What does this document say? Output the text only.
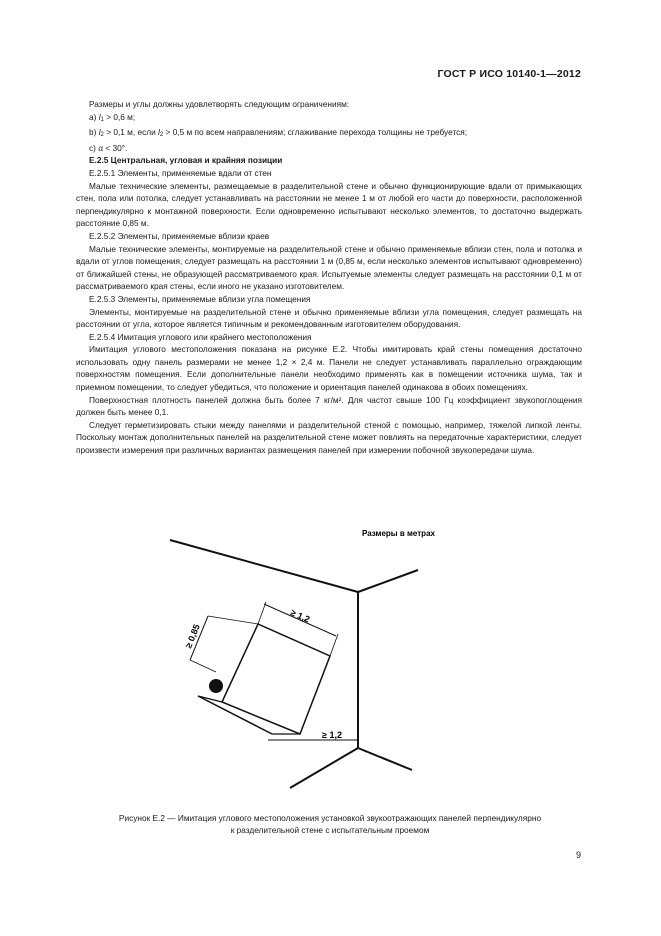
ГОСТ Р ИСО 10140-1—2012

Размеры и углы должны удовлетворять следующим ограничениям:

a) l1 > 0,6 м;

b) l2 > 0,1 м, если l2 > 0,5 м по всем направлениям; сглаживание перехода толщины не требуется;

c) α < 30°.

Е.2.5 Центральная, угловая и крайняя позиции

Е.2.5.1 Элементы, применяемые вдали от стен

Малые технические элементы, размещаемые в разделительной стене и обычно функционирующие вдали от примыкающих стен, пола или потолка, следует устанавливать на расстоянии не менее 1 м от любой его части до поверхности, расположенной перпендикулярно к монтажной поверхности. Если одновременно испытывают несколько элементов, то достаточно выдержать расстояние 0,85 м.

Е.2.5.2 Элементы, применяемые вблизи краев

Малые технические элементы, монтируемые на разделительной стене и обычно применяемые вблизи стен, пола и потолка и вдали от углов помещения, следует размещать на расстоянии 1 м (0,85 м, если несколько элементов испытывают одновременно) от ближайшей стены, не образующей рассматриваемого края. Испытуемые элементы следует размещать на расстоянии 0,1 м от рассматриваемого края стены, если иного не указано изготовителем.

Е.2.5.3 Элементы, применяемые вблизи угла помещения

Элементы, монтируемые на разделительной стене и обычно применяемые вблизи угла помещения, следует размещать на расстоянии от угла, которое является типичным и рекомендованным изготовителем оборудования.

Е.2.5.4 Имитация углового или крайнего местоположения

Имитация углового местоположения показана на рисунке Е.2. Чтобы имитировать край стены помещения достаточно использовать одну панель размерами не менее 1,2 × 2,4 м. Панели не следует устанавливать параллельно ограждающим поверхностям помещения. Если дополнительные панели необходимо применять как в помещении источника шума, так и приемном помещении, то следует убедиться, что положение и ориентация панелей одинакова в обоих помещениях.

Поверхностная плотность панелей должна быть более 7 кг/м². Для частот свыше 100 Гц коэффициент звукопоглощения должен быть менее 0,1.

Следует герметизировать стыки между панелями и разделительной стеной с помощью, например, тяжелой липкой ленты. Поскольку монтаж дополнительных панелей на разделительной стене может повлиять на передаточные характеристики, следует произвести измерения при различных вариантах размещения панелей при измерении побочной звукопередачи шума.

Размеры в метрах
≥ 1,2
≥ 0,85
≥ 1,2
Рисунок Е.2 — Имитация углового местоположения установкой звукоотражающих панелей перпендикулярно
к разделительной стене с испытательным проемом
9
